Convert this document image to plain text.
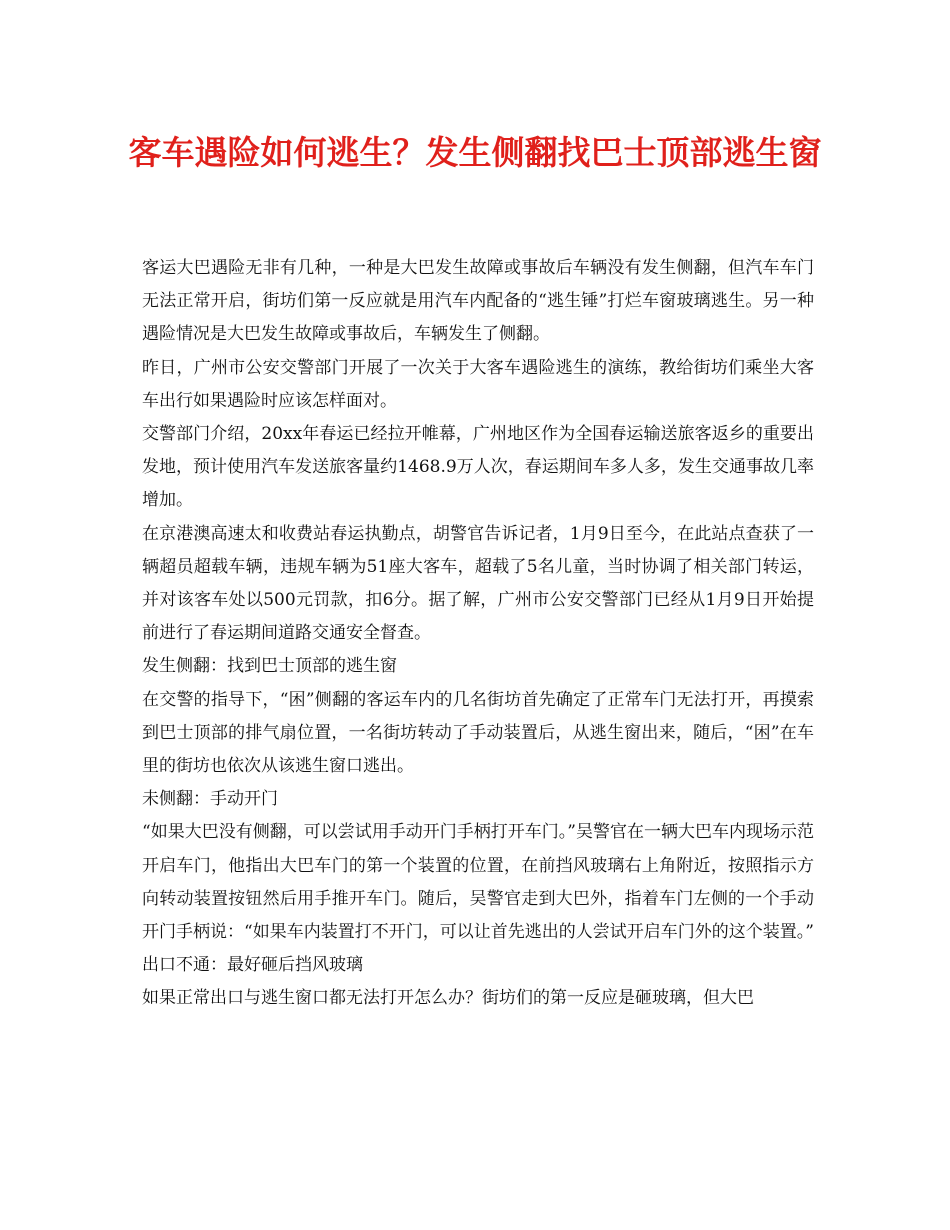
客车遇险如何逃生？发生侧翻找巴士顶部逃生窗

客运大巴遇险无非有几种，一种是大巴发生故障或事故后车辆没有发生侧翻，但汽车车门无法正常开启，街坊们第一反应就是用汽车内配备的“逃生锤”打烂车窗玻璃逃生。另一种遇险情况是大巴发生故障或事故后，车辆发生了侧翻。

昨日，广州市公安交警部门开展了一次关于大客车遇险逃生的演练，教给街坊们乘坐大客车出行如果遇险时应该怎样面对。

交警部门介绍，20xx年春运已经拉开帷幕，广州地区作为全国春运输送旅客返乡的重要出发地，预计使用汽车发送旅客量约1468.9万人次，春运期间车多人多，发生交通事故几率增加。

在京港澳高速太和收费站春运执勤点，胡警官告诉记者，1月9日至今，在此站点查获了一辆超员超载车辆，违规车辆为51座大客车，超载了5名儿童，当时协调了相关部门转运，并对该客车处以500元罚款，扣6分。据了解，广州市公安交警部门已经从1月9日开始提前进行了春运期间道路交通安全督查。

发生侧翻：找到巴士顶部的逃生窗

在交警的指导下，“困”侧翻的客运车内的几名街坊首先确定了正常车门无法打开，再摸索到巴士顶部的排气扇位置，一名街坊转动了手动装置后，从逃生窗出来，随后，“困”在车里的街坊也依次从该逃生窗口逃出。

未侧翻：手动开门

“如果大巴没有侧翻，可以尝试用手动开门手柄打开车门。”吴警官在一辆大巴车内现场示范开启车门，他指出大巴车门的第一个装置的位置，在前挡风玻璃右上角附近，按照指示方向转动装置按钮然后用手推开车门。随后，吴警官走到大巴外，指着车门左侧的一个手动开门手柄说：“如果车内装置打不开门，可以让首先逃出的人尝试开启车门外的这个装置。”

出口不通：最好砸后挡风玻璃

如果正常出口与逃生窗口都无法打开怎么办？街坊们的第一反应是砸玻璃，但大巴
